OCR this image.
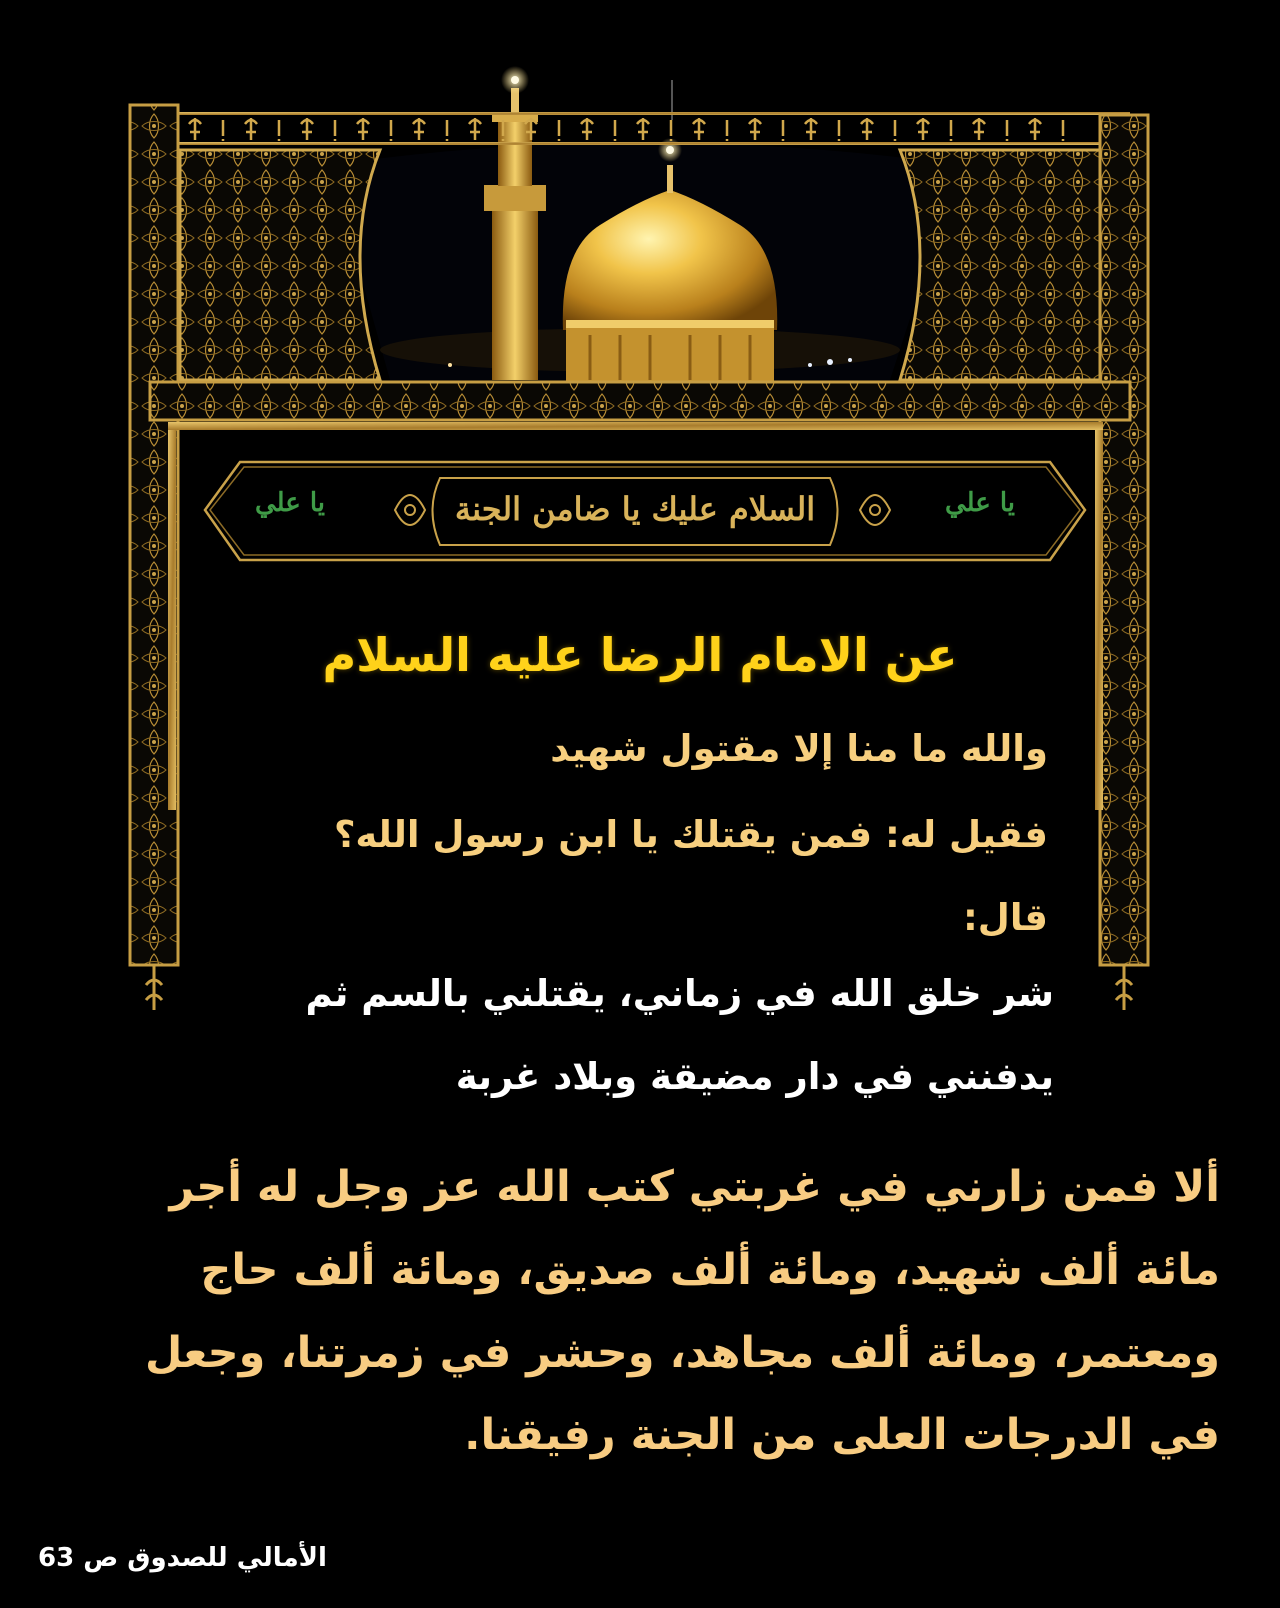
السلام عليك يا ضامن الجنة
يا علي	يا علي
عن الامام الرضا عليه السلام
والله ما منا إلا مقتول شهيد
فقيل له: فمن يقتلك يا ابن رسول الله؟
قال:
شر خلق الله في زماني، يقتلني بالسم ثم
يدفنني في دار مضيقة وبلاد غربة
ألا فمن زارني في غربتي كتب الله عز وجل له أجر
مائة ألف شهيد، ومائة ألف صديق، ومائة ألف حاج
ومعتمر، ومائة ألف مجاهد، وحشر في زمرتنا، وجعل
في الدرجات العلى من الجنة رفيقنا.
الأمالي للصدوق ص 63
